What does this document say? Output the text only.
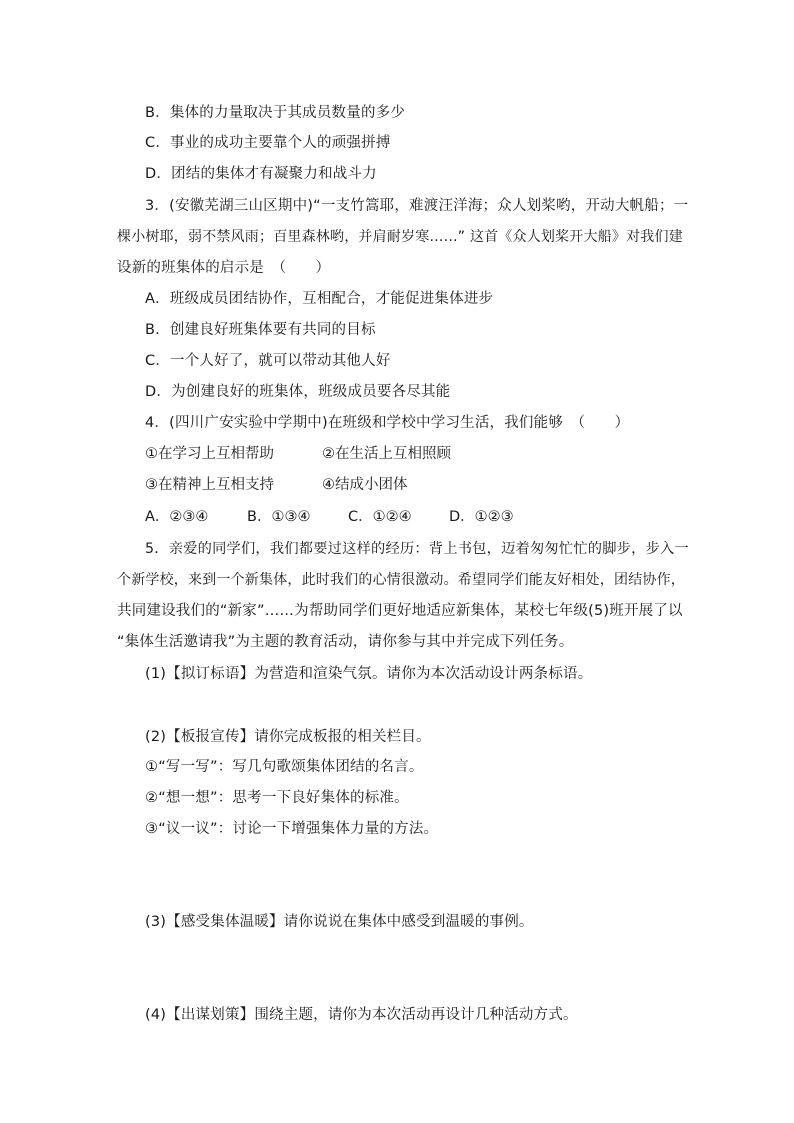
B．集体的力量取决于其成员数量的多少
C．事业的成功主要靠个人的顽强拼搏
D．团结的集体才有凝聚力和战斗力
3．(安徽芜湖三山区期中)“一支竹篙耶，难渡汪洋海；众人划桨哟，开动大帆船；一
棵小树耶，弱不禁风雨；百里森林哟，并肩耐岁寒……” 这首《众人划桨开大船》对我们建
设新的班集体的启示是　（　　）
A．班级成员团结协作，互相配合，才能促进集体进步
B．创建良好班集体要有共同的目标
C．一个人好了，就可以带动其他人好
D．为创建良好的班集体，班级成员要各尽其能
4．(四川广安实验中学期中)在班级和学校中学习生活，我们能够　（　　）
①在学习上互相帮助	②在生活上互相照顾
③在精神上互相支持	④结成小团体
A．②③④	B．①③④	C．①②④	D．①②③
5．亲爱的同学们，我们都要过这样的经历：背上书包，迈着匆匆忙忙的脚步，步入一
个新学校，来到一个新集体，此时我们的心情很激动。希望同学们能友好相处，团结协作，
共同建设我们的“新家”……为帮助同学们更好地适应新集体，某校七年级(5)班开展了以
“集体生活邀请我”为主题的教育活动，请你参与其中并完成下列任务。
(1)【拟订标语】为营造和渲染气氛。请你为本次活动设计两条标语。
(2)【板报宣传】请你完成板报的相关栏目。
①“写一写”：写几句歌颂集体团结的名言。
②“想一想”：思考一下良好集体的标准。
③“议一议”：讨论一下增强集体力量的方法。
(3)【感受集体温暖】请你说说在集体中感受到温暖的事例。
(4)【出谋划策】围绕主题，请你为本次活动再设计几种活动方式。
